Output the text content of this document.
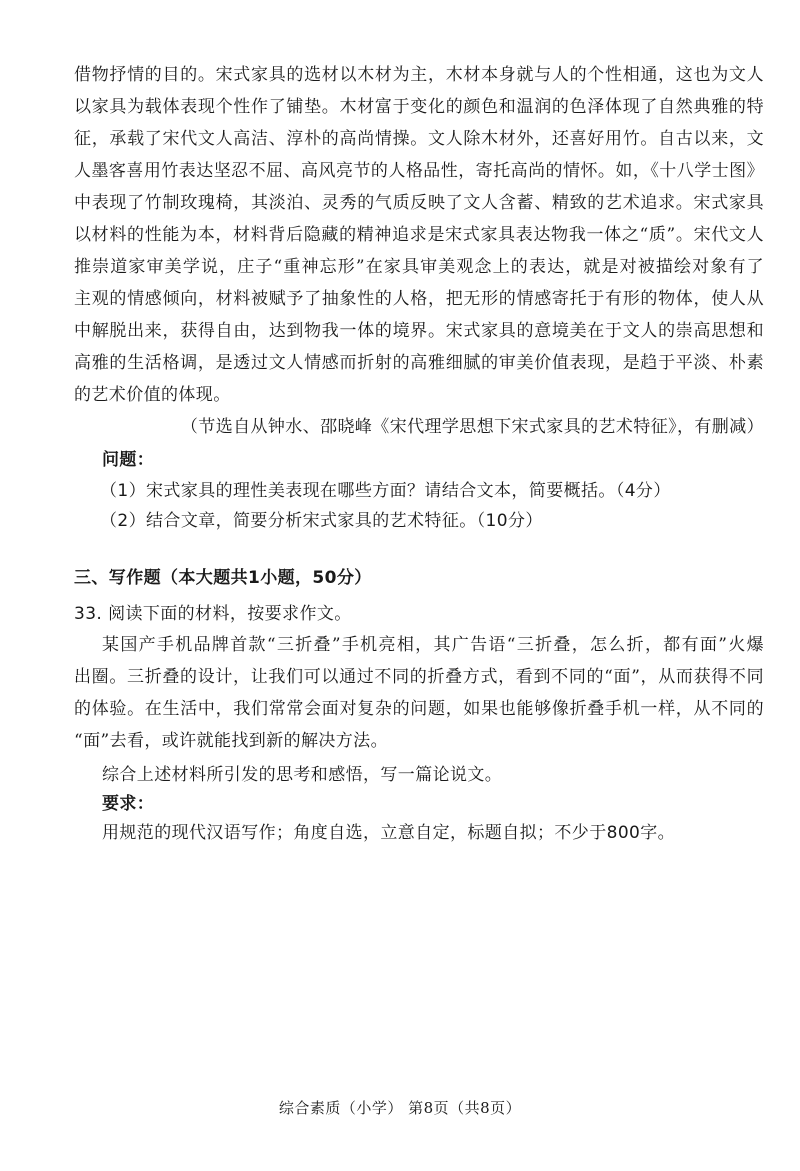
借物抒情的目的。宋式家具的选材以木材为主，木材本身就与人的个性相通，这也为文人
以家具为载体表现个性作了铺垫。木材富于变化的颜色和温润的色泽体现了自然典雅的特
征，承载了宋代文人高洁、淳朴的高尚情操。文人除木材外，还喜好用竹。自古以来，文
人墨客喜用竹表达坚忍不屈、高风亮节的人格品性，寄托高尚的情怀。如，《十八学士图》
中表现了竹制玫瑰椅，其淡泊、灵秀的气质反映了文人含蓄、精致的艺术追求。宋式家具
以材料的性能为本，材料背后隐藏的精神追求是宋式家具表达物我一体之“质”。宋代文人
推崇道家审美学说，庄子“重神忘形”在家具审美观念上的表达，就是对被描绘对象有了
主观的情感倾向，材料被赋予了抽象性的人格，把无形的情感寄托于有形的物体，使人从
中解脱出来，获得自由，达到物我一体的境界。宋式家具的意境美在于文人的崇高思想和
高雅的生活格调，是透过文人情感而折射的高雅细腻的审美价值表现，是趋于平淡、朴素
的艺术价值的体现。
（节选自从钟水、邵晓峰《宋代理学思想下宋式家具的艺术特征》，有删减）
问题：
（1）宋式家具的理性美表现在哪些方面？请结合文本，简要概括。（4分）
（2）结合文章，简要分析宋式家具的艺术特征。（10分）
三、写作题（本大题共1小题，50分）
33. 阅读下面的材料，按要求作文。
某国产手机品牌首款“三折叠”手机亮相，其广告语“三折叠，怎么折，都有面”火爆
出圈。三折叠的设计，让我们可以通过不同的折叠方式，看到不同的“面”，从而获得不同
的体验。在生活中，我们常常会面对复杂的问题，如果也能够像折叠手机一样，从不同的
“面”去看，或许就能找到新的解决方法。
综合上述材料所引发的思考和感悟，写一篇论说文。
要求：
用规范的现代汉语写作；角度自选，立意自定，标题自拟；不少于800字。
综合素质（小学） 第8页（共8页）
